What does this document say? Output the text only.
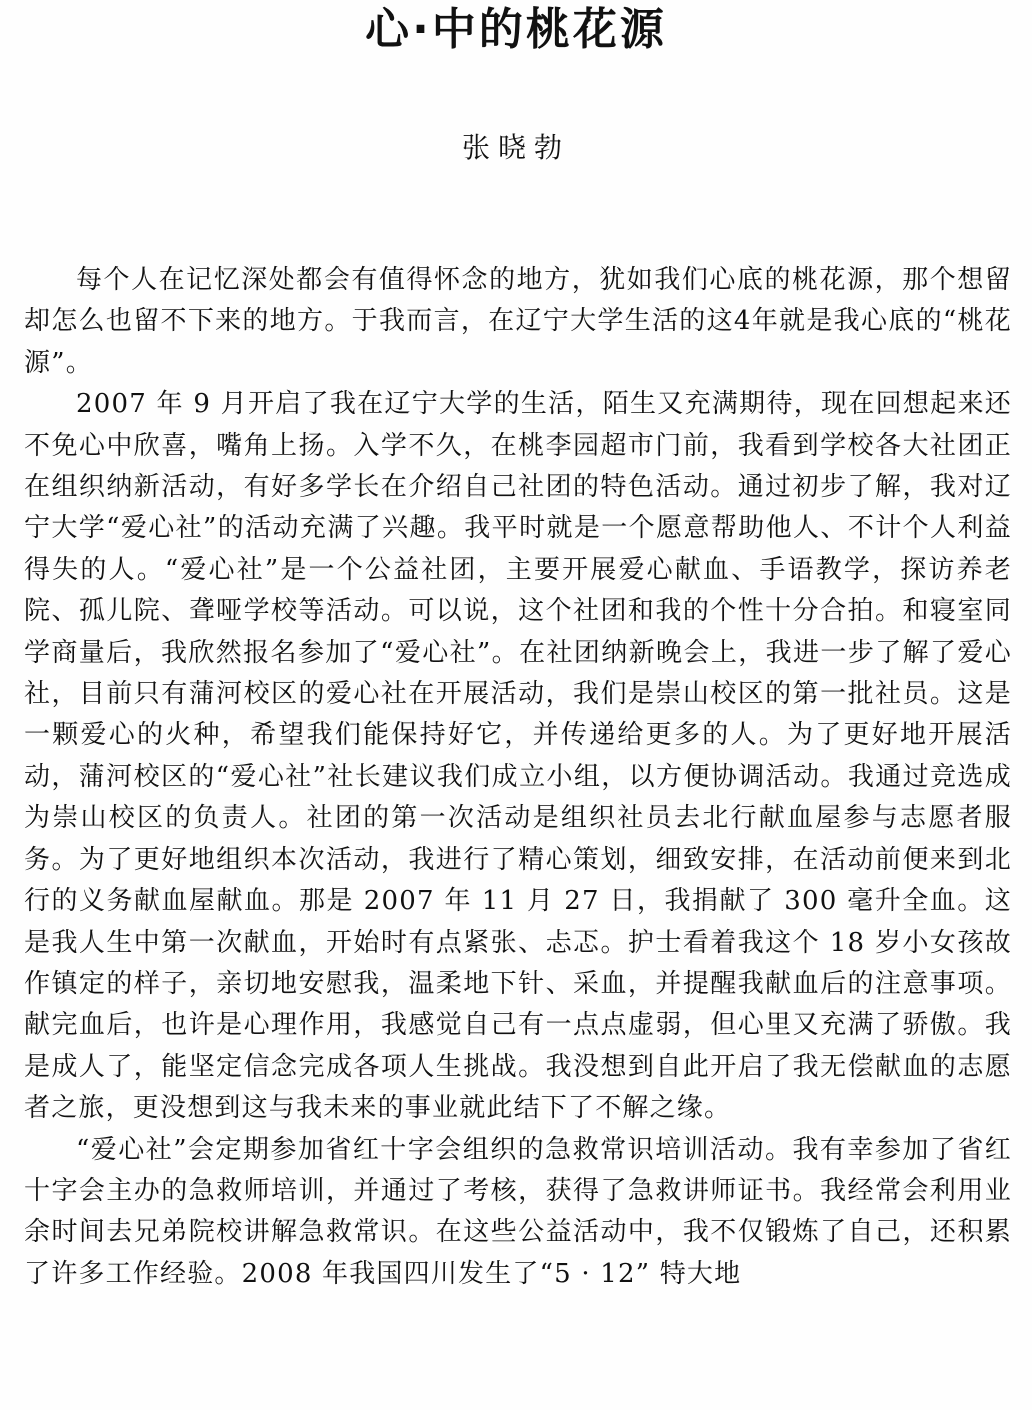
心·中的桃花源
张晓勃

每个人在记忆深处都会有值得怀念的地方，犹如我们心底的桃花源，那个想留却怎么也留不下来的地方。于我而言，在辽宁大学生活的这4年就是我心底的“桃花源”。

2007 年 9 月开启了我在辽宁大学的生活，陌生又充满期待，现在回想起来还不免心中欣喜，嘴角上扬。入学不久，在桃李园超市门前，我看到学校各大社团正在组织纳新活动，有好多学长在介绍自己社团的特色活动。通过初步了解，我对辽宁大学“爱心社”的活动充满了兴趣。我平时就是一个愿意帮助他人、不计个人利益得失的人。“爱心社”是一个公益社团，主要开展爱心献血、手语教学，探访养老院、孤儿院、聋哑学校等活动。可以说，这个社团和我的个性十分合拍。和寝室同学商量后，我欣然报名参加了“爱心社”。在社团纳新晚会上，我进一步了解了爱心社，目前只有蒲河校区的爱心社在开展活动，我们是崇山校区的第一批社员。这是一颗爱心的火种，希望我们能保持好它，并传递给更多的人。为了更好地开展活动，蒲河校区的“爱心社”社长建议我们成立小组，以方便协调活动。我通过竞选成为崇山校区的负责人。社团的第一次活动是组织社员去北行献血屋参与志愿者服务。为了更好地组织本次活动，我进行了精心策划，细致安排，在活动前便来到北行的义务献血屋献血。那是 2007 年 11 月 27 日，我捐献了 300 毫升全血。这是我人生中第一次献血，开始时有点紧张、忐忑。护士看着我这个 18 岁小女孩故作镇定的样子，亲切地安慰我，温柔地下针、采血，并提醒我献血后的注意事项。献完血后，也许是心理作用，我感觉自己有一点点虚弱，但心里又充满了骄傲。我是成人了，能坚定信念完成各项人生挑战。我没想到自此开启了我无偿献血的志愿者之旅，更没想到这与我未来的事业就此结下了不解之缘。

“爱心社”会定期参加省红十字会组织的急救常识培训活动。我有幸参加了省红十字会主办的急救师培训，并通过了考核，获得了急救讲师证书。我经常会利用业余时间去兄弟院校讲解急救常识。在这些公益活动中，我不仅锻炼了自己，还积累了许多工作经验。2008 年我国四川发生了“5 · 12” 特大地
